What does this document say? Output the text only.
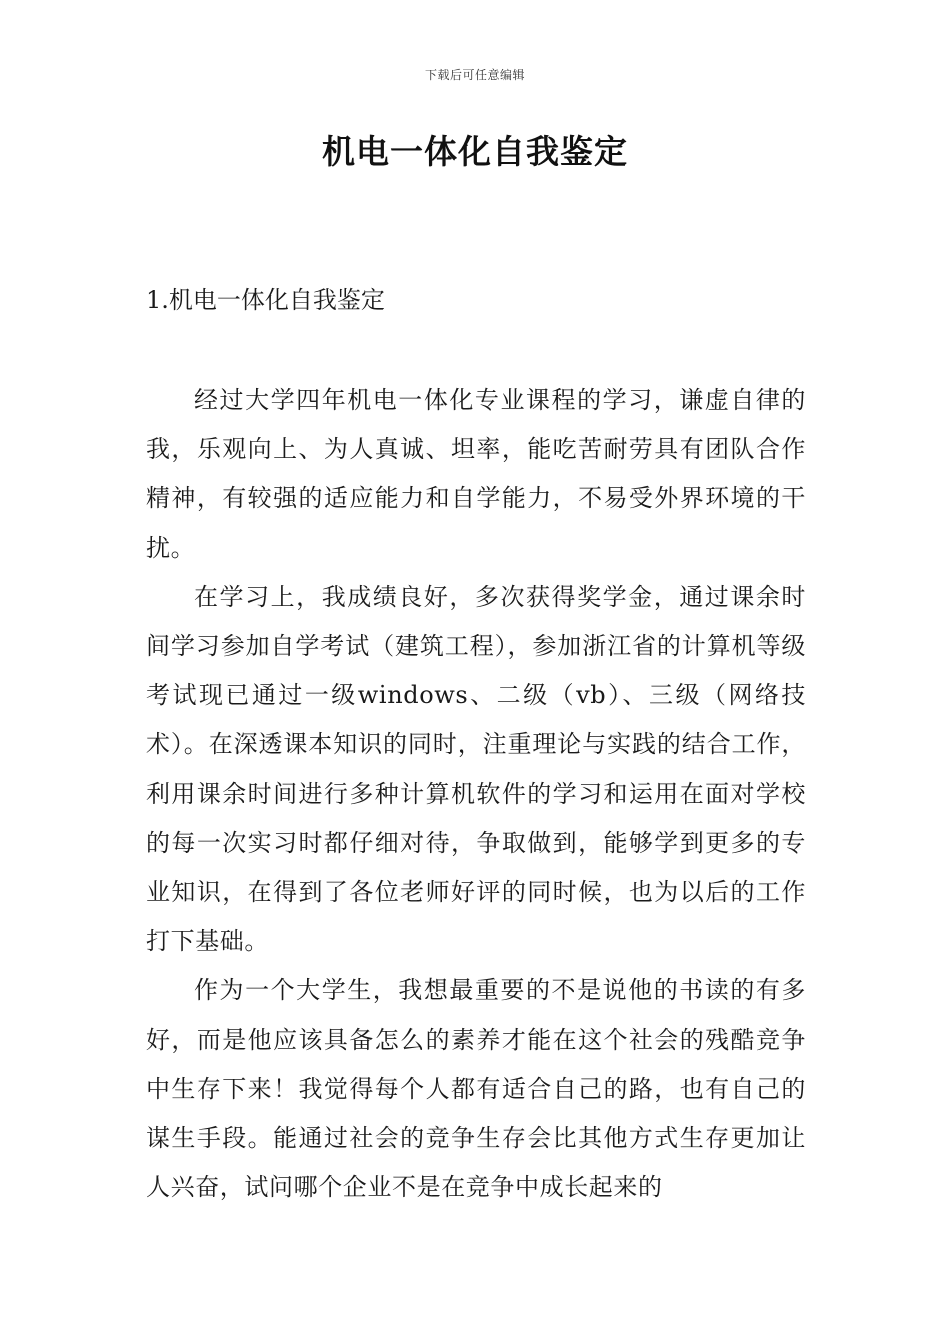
下载后可任意编辑
机电一体化自我鉴定
1.机电一体化自我鉴定

经过大学四年机电一体化专业课程的学习，谦虚自律的我，乐观向上、为人真诚、坦率，能吃苦耐劳具有团队合作精神，有较强的适应能力和自学能力，不易受外界环境的干扰。

在学习上，我成绩良好，多次获得奖学金，通过课余时间学习参加自学考试（建筑工程），参加浙江省的计算机等级考试现已通过一级windows、二级（vb）、三级（网络技术）。在深透课本知识的同时，注重理论与实践的结合工作，利用课余时间进行多种计算机软件的学习和运用在面对学校的每一次实习时都仔细对待，争取做到，能够学到更多的专业知识，在得到了各位老师好评的同时候，也为以后的工作打下基础。

作为一个大学生，我想最重要的不是说他的书读的有多好，而是他应该具备怎么的素养才能在这个社会的残酷竞争中生存下来！我觉得每个人都有适合自己的路，也有自己的谋生手段。能通过社会的竞争生存会比其他方式生存更加让人兴奋，试问哪个企业不是在竞争中成长起来的
